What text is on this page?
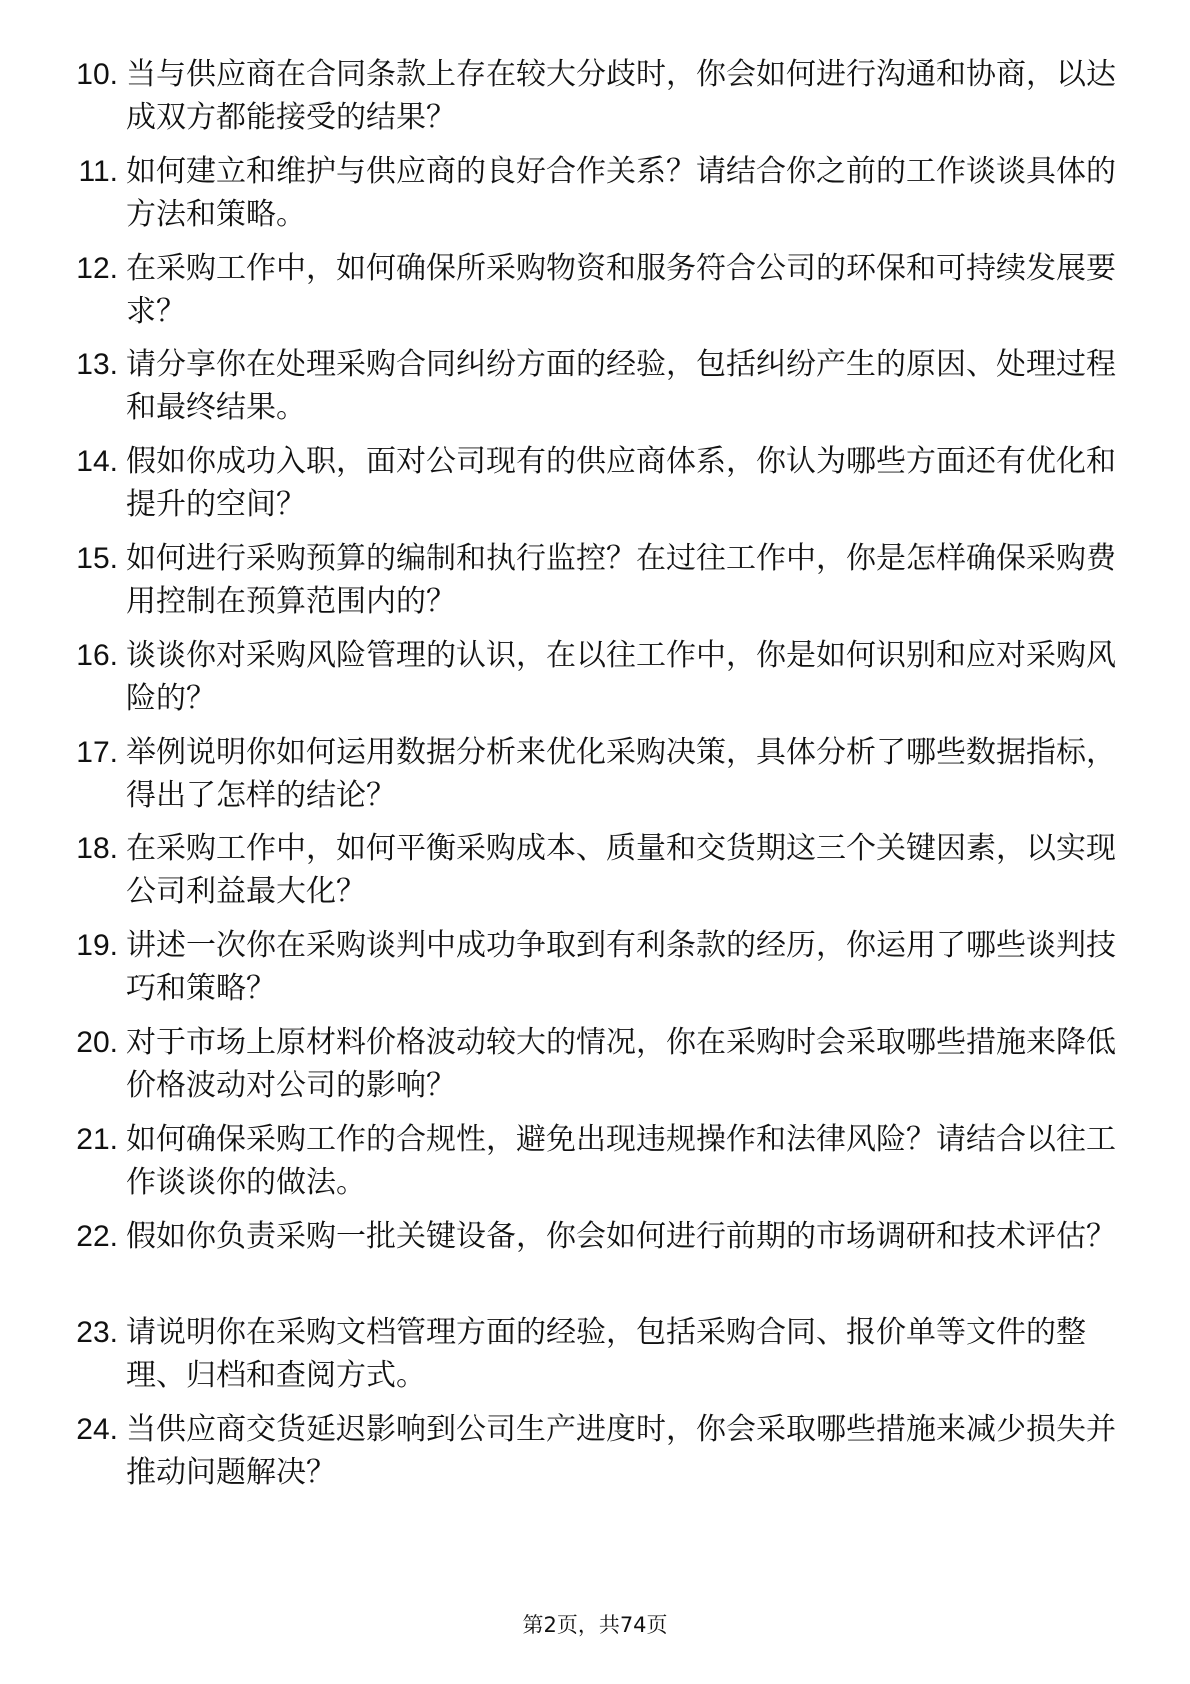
10. 当与供应商在合同条款上存在较大分歧时，你会如何进行沟通和协商，以达成双方都能接受的结果？
11. 如何建立和维护与供应商的良好合作关系？请结合你之前的工作谈谈具体的方法和策略。
12. 在采购工作中，如何确保所采购物资和服务符合公司的环保和可持续发展要求？
13. 请分享你在处理采购合同纠纷方面的经验，包括纠纷产生的原因、处理过程和最终结果。
14. 假如你成功入职，面对公司现有的供应商体系，你认为哪些方面还有优化和提升的空间？
15. 如何进行采购预算的编制和执行监控？在过往工作中，你是怎样确保采购费用控制在预算范围内的？
16. 谈谈你对采购风险管理的认识，在以往工作中，你是如何识别和应对采购风险的？
17. 举例说明你如何运用数据分析来优化采购决策，具体分析了哪些数据指标，得出了怎样的结论？
18. 在采购工作中，如何平衡采购成本、质量和交货期这三个关键因素，以实现公司利益最大化？
19. 讲述一次你在采购谈判中成功争取到有利条款的经历，你运用了哪些谈判技巧和策略？
20. 对于市场上原材料价格波动较大的情况，你在采购时会采取哪些措施来降低价格波动对公司的影响？
21. 如何确保采购工作的合规性，避免出现违规操作和法律风险？请结合以往工作谈谈你的做法。
22. 假如你负责采购一批关键设备，你会如何进行前期的市场调研和技术评估？
23. 请说明你在采购文档管理方面的经验，包括采购合同、报价单等文件的整理、归档和查阅方式。
24. 当供应商交货延迟影响到公司生产进度时，你会采取哪些措施来减少损失并推动问题解决？
第2页，共74页
